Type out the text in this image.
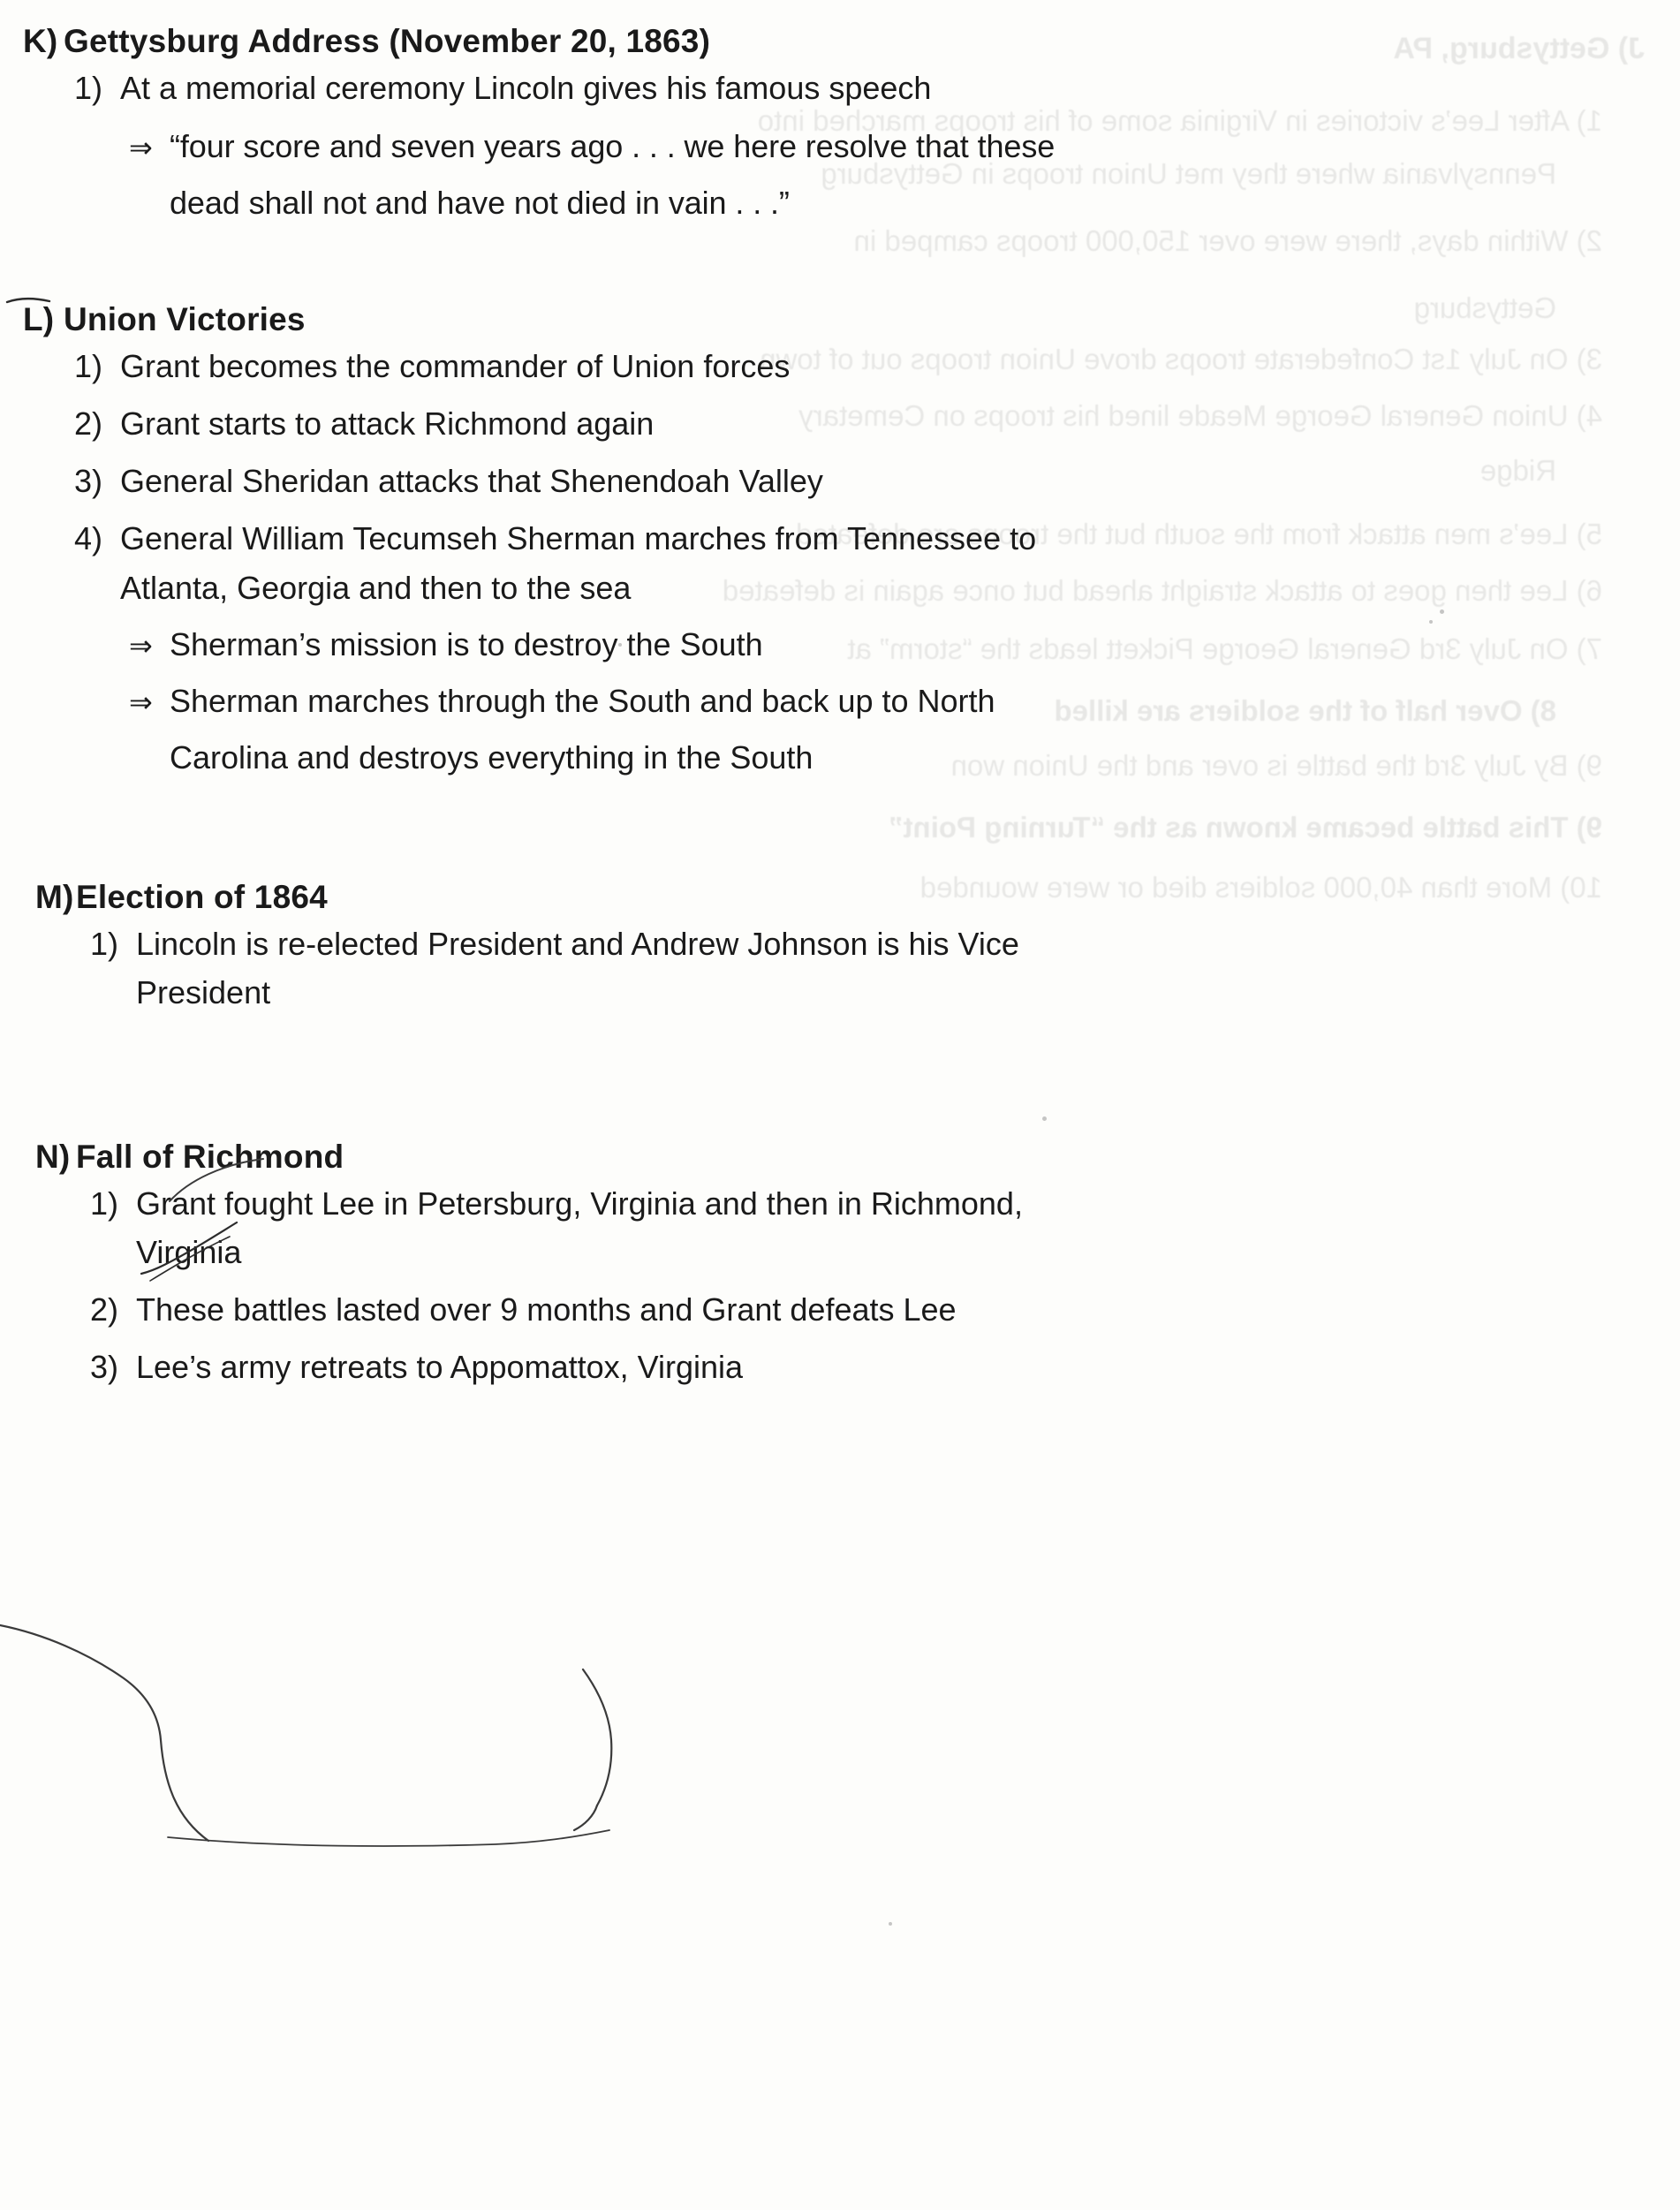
J) Gettysburg, PA
1) After Lee’s victories in Virginia some of his troops marched into
Pennsylvania where they met Union troops in Gettysburg
2) Within days, there were over 150,000 troops camped in
Gettysburg
3) On July 1st Confederate troops drove Union troops out of town
4) Union General George Meade lined his troops on Cemetary
Ridge
5) Lee’s men attack from the south but the troops are defeated
6) Lee then goes to attack straight ahead but once again is defeated
7) On July 3rd General George Pickett leads the “storm” at
8) Over half of the soldiers are killed
9) By July 3rd the battle is over and the Union won
9) This battle became known as the “Turning Point”
10) More than 40,000 soldiers died or were wounded
K) Gettysburg Address (November 20, 1863)
1) At a memorial ceremony Lincoln gives his famous speech
⇒ “four score and seven years ago . . . we here resolve that these
dead shall not and have not died in vain . . .”
L) Union Victories
1) Grant becomes the commander of Union forces
2) Grant starts to attack Richmond again
3) General Sheridan attacks that Shenendoah Valley
4) General William Tecumseh Sherman marches from Tennessee to
Atlanta, Georgia and then to the sea
⇒ Sherman’s mission is to destroy the South
⇒ Sherman marches through the South and back up to North
Carolina and destroys everything in the South
M) Election of 1864
1) Lincoln is re-elected President and Andrew Johnson is his Vice
President
N) Fall of Richmond
1) Grant fought Lee in Petersburg, Virginia and then in Richmond,
Virginia
2) These battles lasted over 9 months and Grant defeats Lee
3) Lee’s army retreats to Appomattox, Virginia
